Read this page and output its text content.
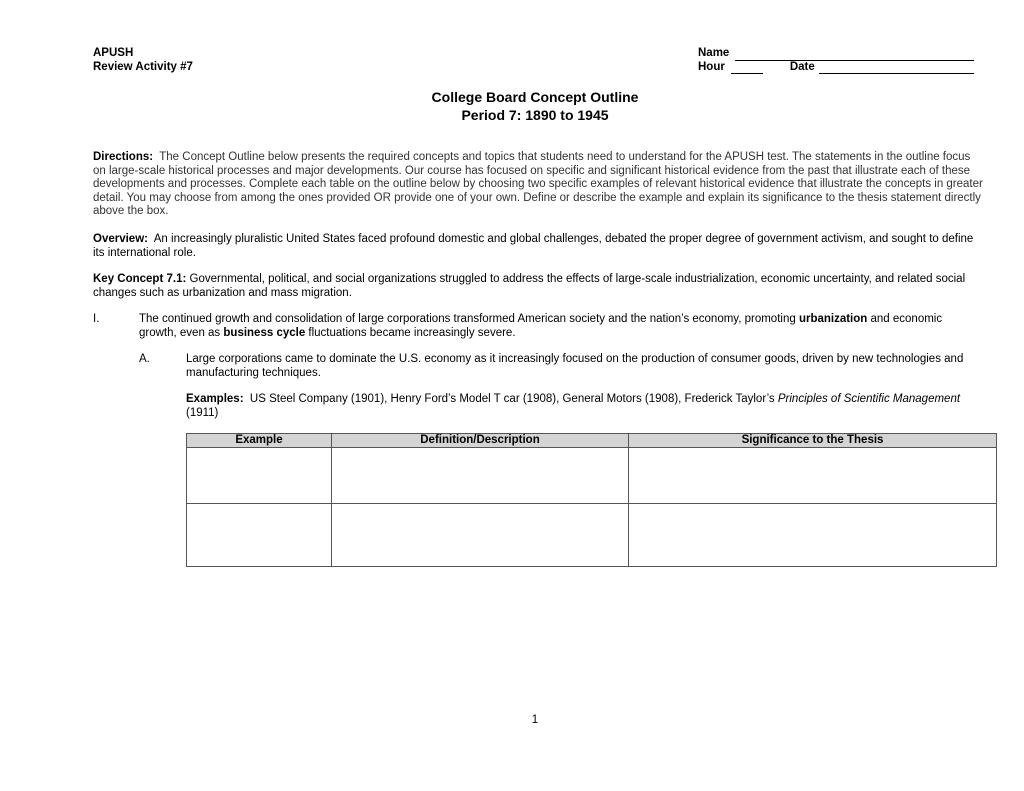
APUSH
Review Activity #7
Name
Hour	Date
College Board Concept Outline
Period 7: 1890 to 1945
Directions: The Concept Outline below presents the required concepts and topics that students need to understand for the APUSH test. The statements in the outline focus on large-scale historical processes and major developments. Our course has focused on specific and significant historical evidence from the past that illustrate each of these developments and processes. Complete each table on the outline below by choosing two specific examples of relevant historical evidence that illustrate the concepts in greater detail. You may choose from among the ones provided OR provide one of your own. Define or describe the example and explain its significance to the thesis statement directly above the box.
Overview: An increasingly pluralistic United States faced profound domestic and global challenges, debated the proper degree of government activism, and sought to define its international role.
Key Concept 7.1: Governmental, political, and social organizations struggled to address the effects of large-scale industrialization, economic uncertainty, and related social changes such as urbanization and mass migration.
I.	The continued growth and consolidation of large corporations transformed American society and the nation’s economy, promoting urbanization and economic growth, even as business cycle fluctuations became increasingly severe.
A.	Large corporations came to dominate the U.S. economy as it increasingly focused on the production of consumer goods, driven by new technologies and manufacturing techniques.
Examples: US Steel Company (1901), Henry Ford’s Model T car (1908), General Motors (1908), Frederick Taylor’s Principles of Scientific Management
(1911)
Example	Definition/Description	Significance to the Thesis

1
